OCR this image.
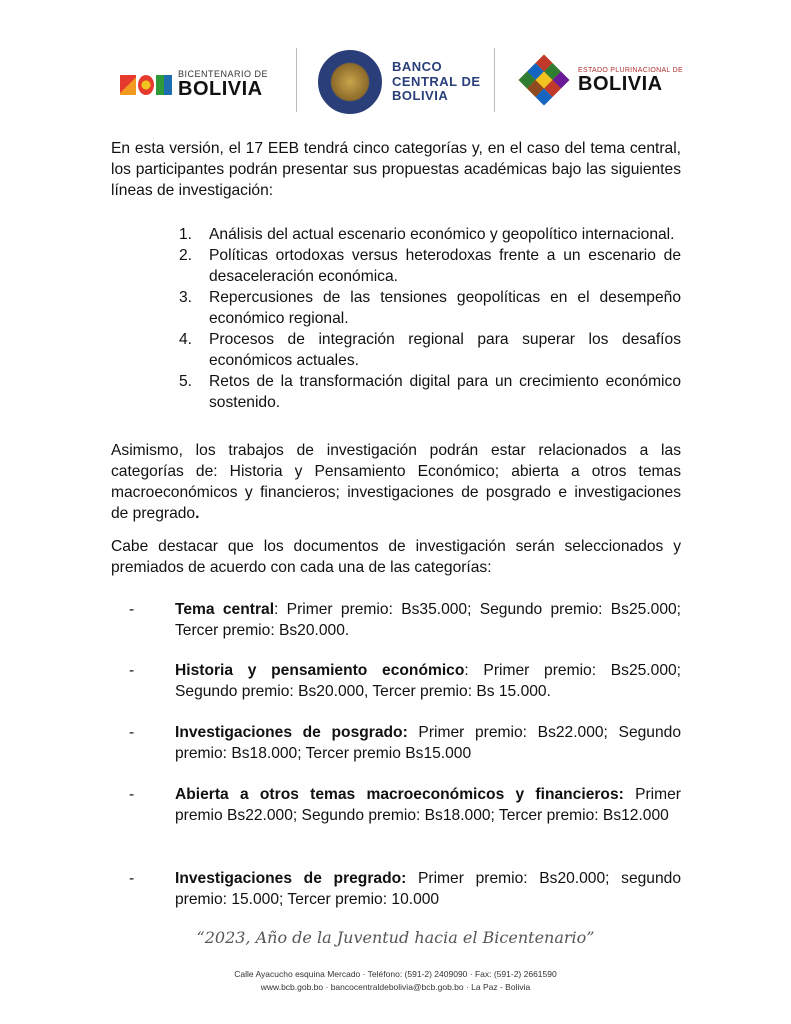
BICENTENARIO DE
BOLIVIA
BANCO
CENTRAL DE
BOLIVIA
ESTADO PLURINACIONAL DE
BOLIVIA

En esta versión, el 17 EEB tendrá cinco categorías y, en el caso del tema central, los participantes podrán presentar sus propuestas académicas bajo las siguientes líneas de investigación:

1.	Análisis del actual escenario económico y geopolítico internacional.
2.	Políticas ortodoxas versus heterodoxas frente a un escenario de desaceleración económica.
3.	Repercusiones de las tensiones geopolíticas en el desempeño económico regional.
4.	Procesos de integración regional para superar los desafíos económicos actuales.
5.	Retos de la transformación digital para un crecimiento económico sostenido.

Asimismo, los trabajos de investigación podrán estar relacionados a las categorías de: Historia y Pensamiento Económico; abierta a otros temas macroeconómicos y financieros; investigaciones de posgrado e investigaciones de pregrado.

Cabe destacar que los documentos de investigación serán seleccionados y premiados de acuerdo con cada una de las categorías:

-	Tema central: Primer premio: Bs35.000; Segundo premio: Bs25.000; Tercer premio: Bs20.000.
-	Historia y pensamiento económico: Primer premio: Bs25.000; Segundo premio: Bs20.000, Tercer premio: Bs 15.000.
-	Investigaciones de posgrado: Primer premio: Bs22.000; Segundo premio: Bs18.000; Tercer premio Bs15.000
-	Abierta a otros temas macroeconómicos y financieros: Primer premio Bs22.000; Segundo premio: Bs18.000; Tercer premio: Bs12.000
-	Investigaciones de pregrado: Primer premio: Bs20.000; segundo premio: 15.000; Tercer premio: 10.000
“2023, Año de la Juventud hacia el Bicentenario”
Calle Ayacucho esquina Mercado · Teléfono: (591-2) 2409090 · Fax: (591-2) 2661590
www.bcb.gob.bo · bancocentraldebolivia@bcb.gob.bo · La Paz - Bolivia
